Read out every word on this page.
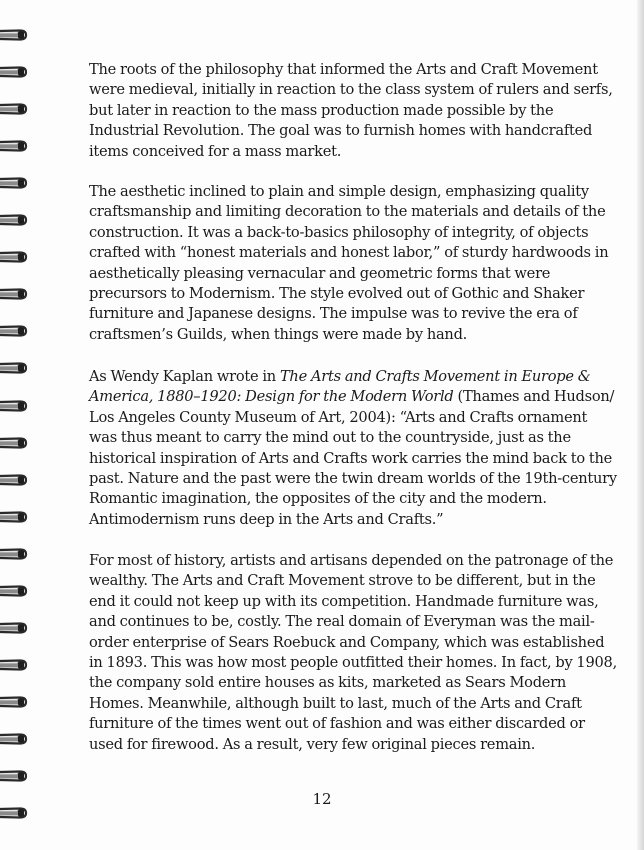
The roots of the philosophy that informed the Arts and Craft Movement were medieval, initially in reaction to the class system of rulers and serfs, but later in reaction to the mass production made possible by the Industrial Revolution. The goal was to furnish homes with handcrafted items conceived for a mass market.

The aesthetic inclined to plain and simple design, emphasizing quality craftsmanship and limiting decoration to the materials and details of the construction. It was a back-to-basics philosophy of integrity, of objects crafted with “honest materials and honest labor,” of sturdy hardwoods in aesthetically pleasing vernacular and geometric forms that were precursors to Modernism. The style evolved out of Gothic and Shaker furniture and Japanese designs. The impulse was to revive the era of craftsmen’s Guilds, when things were made by hand.

As Wendy Kaplan wrote in The Arts and Crafts Movement in Europe & America, 1880–1920: Design for the Modern World (Thames and Hudson/ Los Angeles County Museum of Art, 2004): “Arts and Crafts ornament was thus meant to carry the mind out to the countryside, just as the historical inspiration of Arts and Crafts work carries the mind back to the past. Nature and the past were the twin dream worlds of the 19th-century Romantic imagination, the opposites of the city and the modern. Antimodernism runs deep in the Arts and Crafts.”

For most of history, artists and artisans depended on the patronage of the wealthy. The Arts and Craft Movement strove to be different, but in the end it could not keep up with its competition. Handmade furniture was, and continues to be, costly. The real domain of Everyman was the mail-order enterprise of Sears Roebuck and Company, which was established in 1893. This was how most people outfitted their homes. In fact, by 1908, the company sold entire houses as kits, marketed as Sears Modern Homes. Meanwhile, although built to last, much of the Arts and Craft furniture of the times went out of fashion and was either discarded or used for firewood. As a result, very few original pieces remain.

12
